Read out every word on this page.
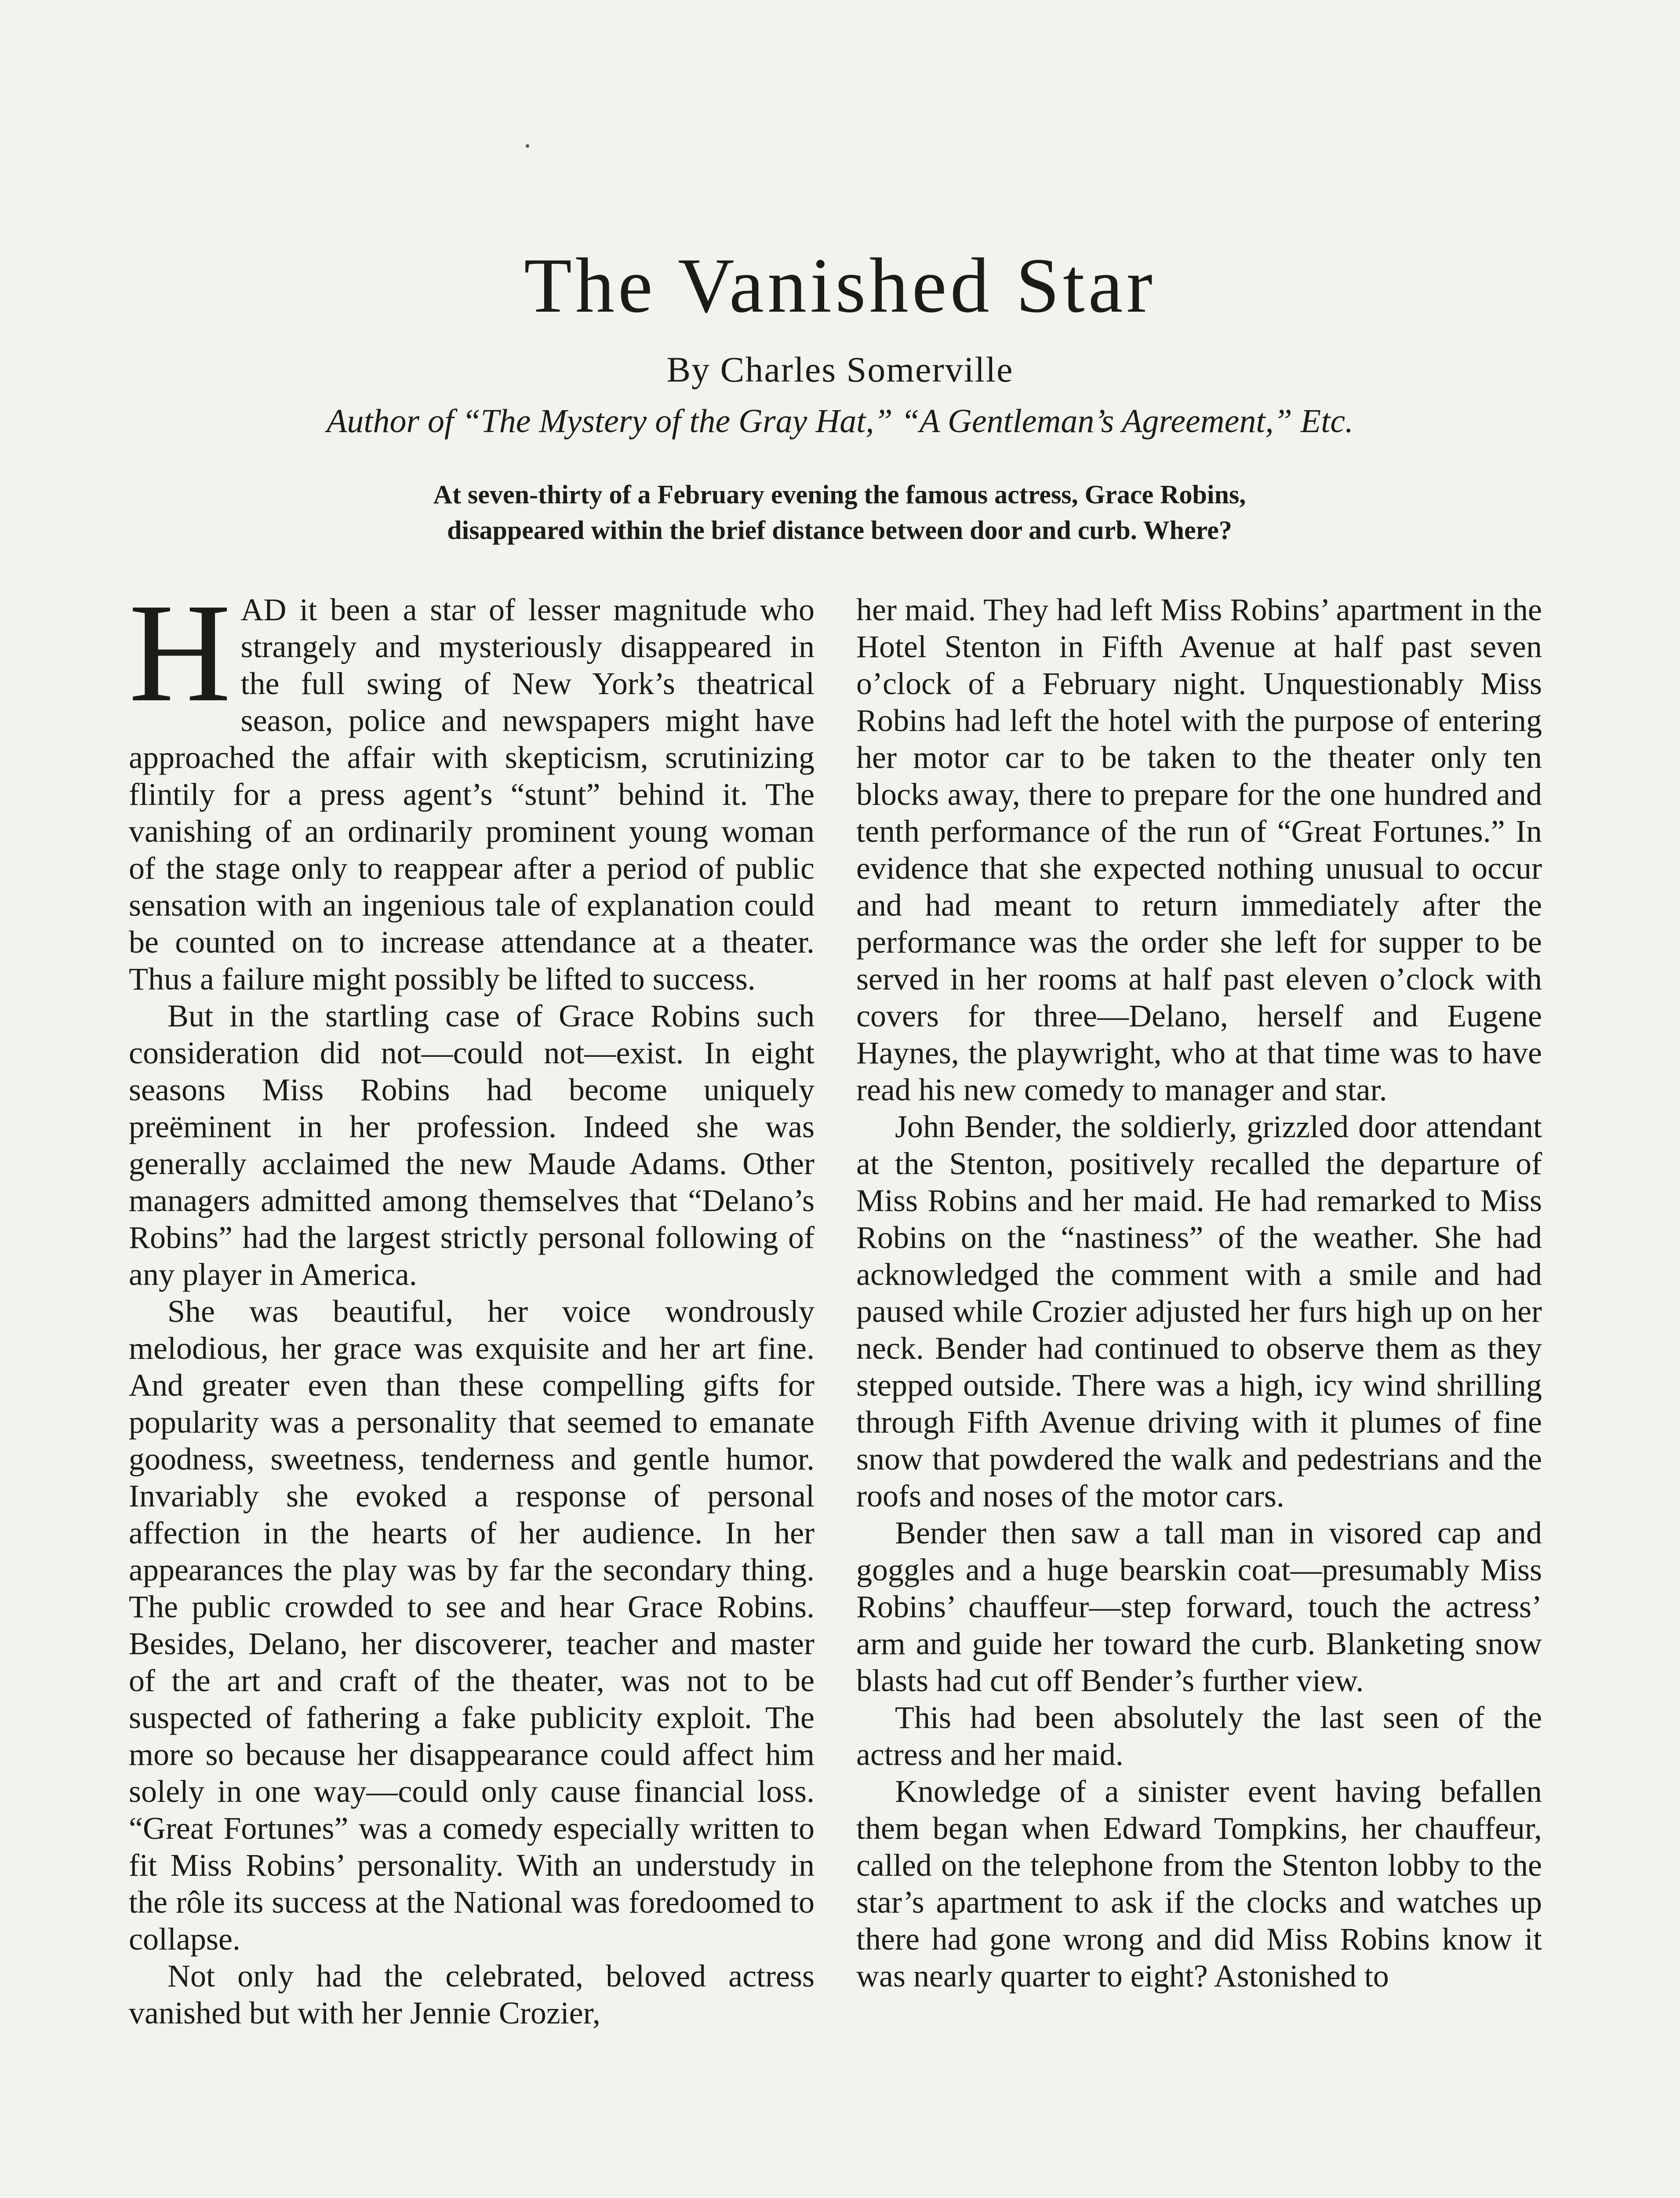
The Vanished Star
By Charles Somerville
Author of “The Mystery of the Gray Hat,” “A Gentleman’s Agreement,” Etc.
At seven-thirty of a February evening the famous actress, Grace Robins,
disappeared within the brief distance between door and curb. Where?

HAD it been a star of lesser magnitude who strangely and mysteriously disappeared in the full swing of New York’s theatrical season, police and newspapers might have approached the affair with skepticism, scrutinizing flintily for a press agent’s “stunt” behind it. The vanishing of an ordinarily prominent young woman of the stage only to reappear after a period of public sensation with an ingenious tale of explanation could be counted on to increase attendance at a theater. Thus a failure might possibly be lifted to success.

But in the startling case of Grace Robins such consideration did not—could not—exist. In eight seasons Miss Robins had become uniquely preëminent in her profession. Indeed she was generally acclaimed the new Maude Adams. Other managers admitted among themselves that “Delano’s Robins” had the largest strictly personal following of any player in America.

She was beautiful, her voice wondrously melodious, her grace was exquisite and her art fine. And greater even than these compelling gifts for popularity was a personality that seemed to emanate goodness, sweetness, tenderness and gentle humor. Invariably she evoked a response of personal affection in the hearts of her audience. In her appearances the play was by far the secondary thing. The public crowded to see and hear Grace Robins. Besides, Delano, her discoverer, teacher and master of the art and craft of the theater, was not to be suspected of fathering a fake publicity exploit. The more so because her disappearance could affect him solely in one way—could only cause financial loss. “Great Fortunes” was a comedy especially written to fit Miss Robins’ personality. With an understudy in the rôle its success at the National was foredoomed to collapse.

Not only had the celebrated, beloved actress vanished but with her Jennie Crozier,

her maid. They had left Miss Robins’ apartment in the Hotel Stenton in Fifth Avenue at half past seven o’clock of a February night. Unquestionably Miss Robins had left the hotel with the purpose of entering her motor car to be taken to the theater only ten blocks away, there to prepare for the one hundred and tenth performance of the run of “Great Fortunes.” In evidence that she expected nothing unusual to occur and had meant to return immediately after the performance was the order she left for supper to be served in her rooms at half past eleven o’clock with covers for three—Delano, herself and Eugene Haynes, the playwright, who at that time was to have read his new comedy to manager and star.

John Bender, the soldierly, grizzled door attendant at the Stenton, positively recalled the departure of Miss Robins and her maid. He had remarked to Miss Robins on the “nastiness” of the weather. She had acknowledged the comment with a smile and had paused while Crozier adjusted her furs high up on her neck. Bender had continued to observe them as they stepped outside. There was a high, icy wind shrilling through Fifth Avenue driving with it plumes of fine snow that powdered the walk and pedestrians and the roofs and noses of the motor cars.

Bender then saw a tall man in visored cap and goggles and a huge bearskin coat—presumably Miss Robins’ chauffeur—step forward, touch the actress’ arm and guide her toward the curb. Blanketing snow blasts had cut off Bender’s further view.

This had been absolutely the last seen of the actress and her maid.

Knowledge of a sinister event having befallen them began when Edward Tompkins, her chauffeur, called on the telephone from the Stenton lobby to the star’s apartment to ask if the clocks and watches up there had gone wrong and did Miss Robins know it was nearly quarter to eight? Astonished to
